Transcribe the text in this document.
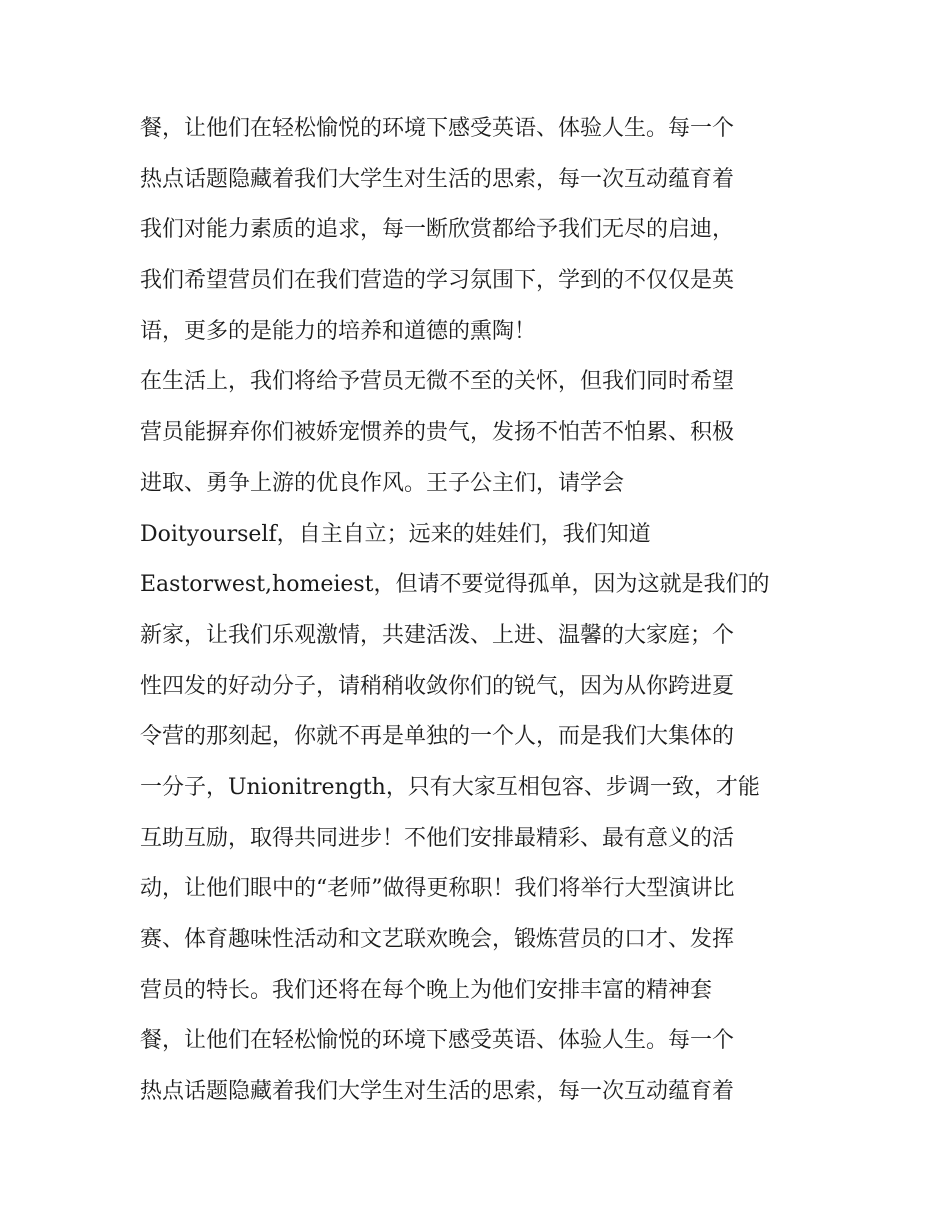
餐，让他们在轻松愉悦的环境下感受英语、体验人生。每一个
热点话题隐藏着我们大学生对生活的思索，每一次互动蕴育着
我们对能力素质的追求，每一断欣赏都给予我们无尽的启迪，
我们希望营员们在我们营造的学习氛围下，学到的不仅仅是英
语，更多的是能力的培养和道德的熏陶！
在生活上，我们将给予营员无微不至的关怀，但我们同时希望
营员能摒弃你们被娇宠惯养的贵气，发扬不怕苦不怕累、积极
进取、勇争上游的优良作风。王子公主们，请学会
Doityourself，自主自立；远来的娃娃们，我们知道
Eastorwest,homeiest，但请不要觉得孤单，因为这就是我们的
新家，让我们乐观激情，共建活泼、上进、温馨的大家庭；个
性四发的好动分子，请稍稍收敛你们的锐气，因为从你跨进夏
令营的那刻起，你就不再是单独的一个人，而是我们大集体的
一分子，Unionitrength，只有大家互相包容、步调一致，才能
互助互励，取得共同进步！不他们安排最精彩、最有意义的活
动，让他们眼中的“老师”做得更称职！我们将举行大型演讲比
赛、体育趣味性活动和文艺联欢晚会，锻炼营员的口才、发挥
营员的特长。我们还将在每个晚上为他们安排丰富的精神套
餐，让他们在轻松愉悦的环境下感受英语、体验人生。每一个
热点话题隐藏着我们大学生对生活的思索，每一次互动蕴育着
